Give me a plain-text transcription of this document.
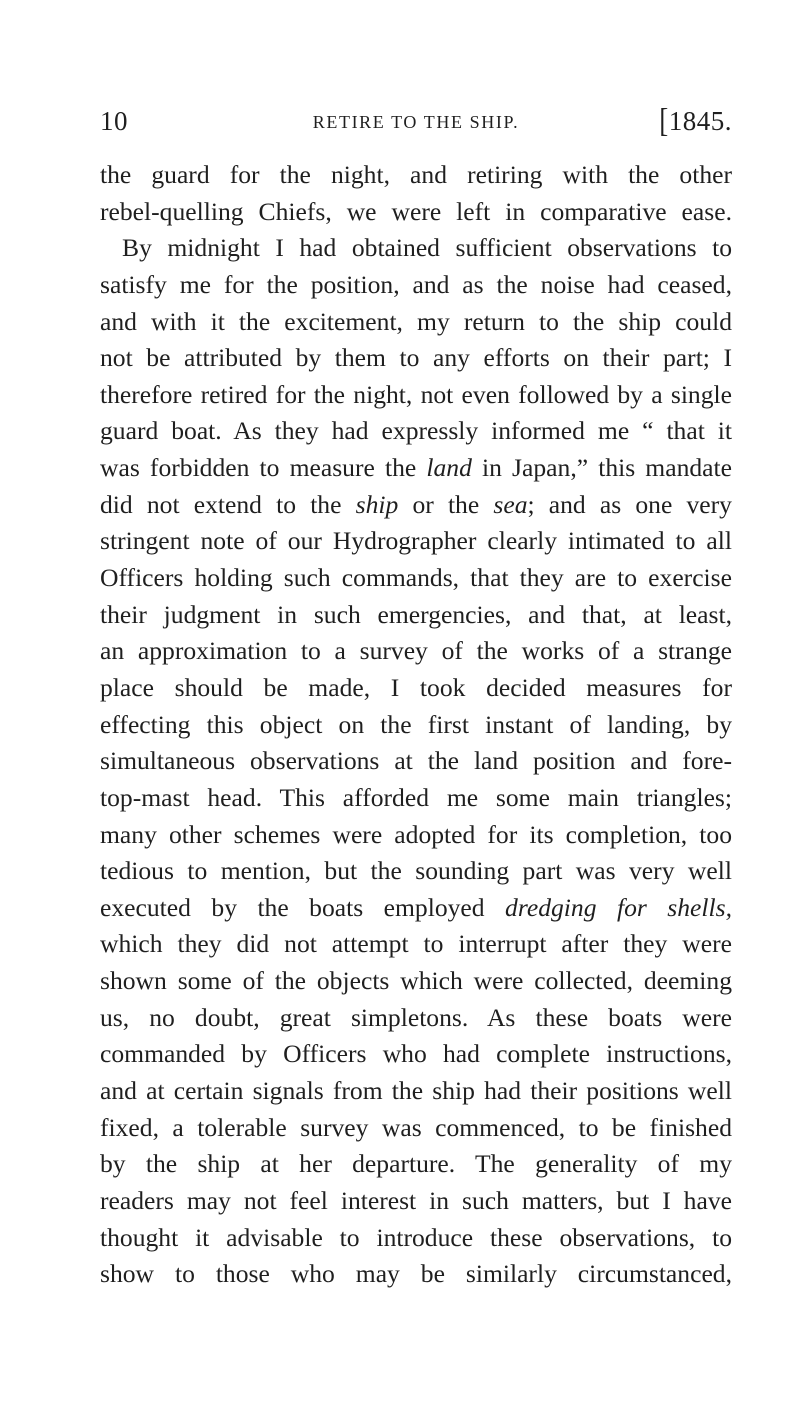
10	RETIRE TO THE SHIP.	[1845.
the guard for the night, and retiring with the other
rebel-quelling Chiefs, we were left in comparative ease.
By midnight I had obtained sufficient observations to
satisfy me for the position, and as the noise had ceased,
and with it the excitement, my return to the ship could
not be attributed by them to any efforts on their part; I
therefore retired for the night, not even followed by a single
guard boat. As they had expressly informed me “ that it
was forbidden to measure the land in Japan,” this mandate
did not extend to the ship or the sea; and as one very
stringent note of our Hydrographer clearly intimated to all
Officers holding such commands, that they are to exercise
their judgment in such emergencies, and that, at least,
an approximation to a survey of the works of a strange
place should be made, I took decided measures for
effecting this object on the first instant of landing, by
simultaneous observations at the land position and fore-
top-mast head. This afforded me some main triangles;
many other schemes were adopted for its completion, too
tedious to mention, but the sounding part was very well
executed by the boats employed dredging for shells,
which they did not attempt to interrupt after they were
shown some of the objects which were collected, deeming
us, no doubt, great simpletons. As these boats were
commanded by Officers who had complete instructions,
and at certain signals from the ship had their positions well
fixed, a tolerable survey was commenced, to be finished
by the ship at her departure. The generality of my
readers may not feel interest in such matters, but I have
thought it advisable to introduce these observations, to
show to those who may be similarly circumstanced,
